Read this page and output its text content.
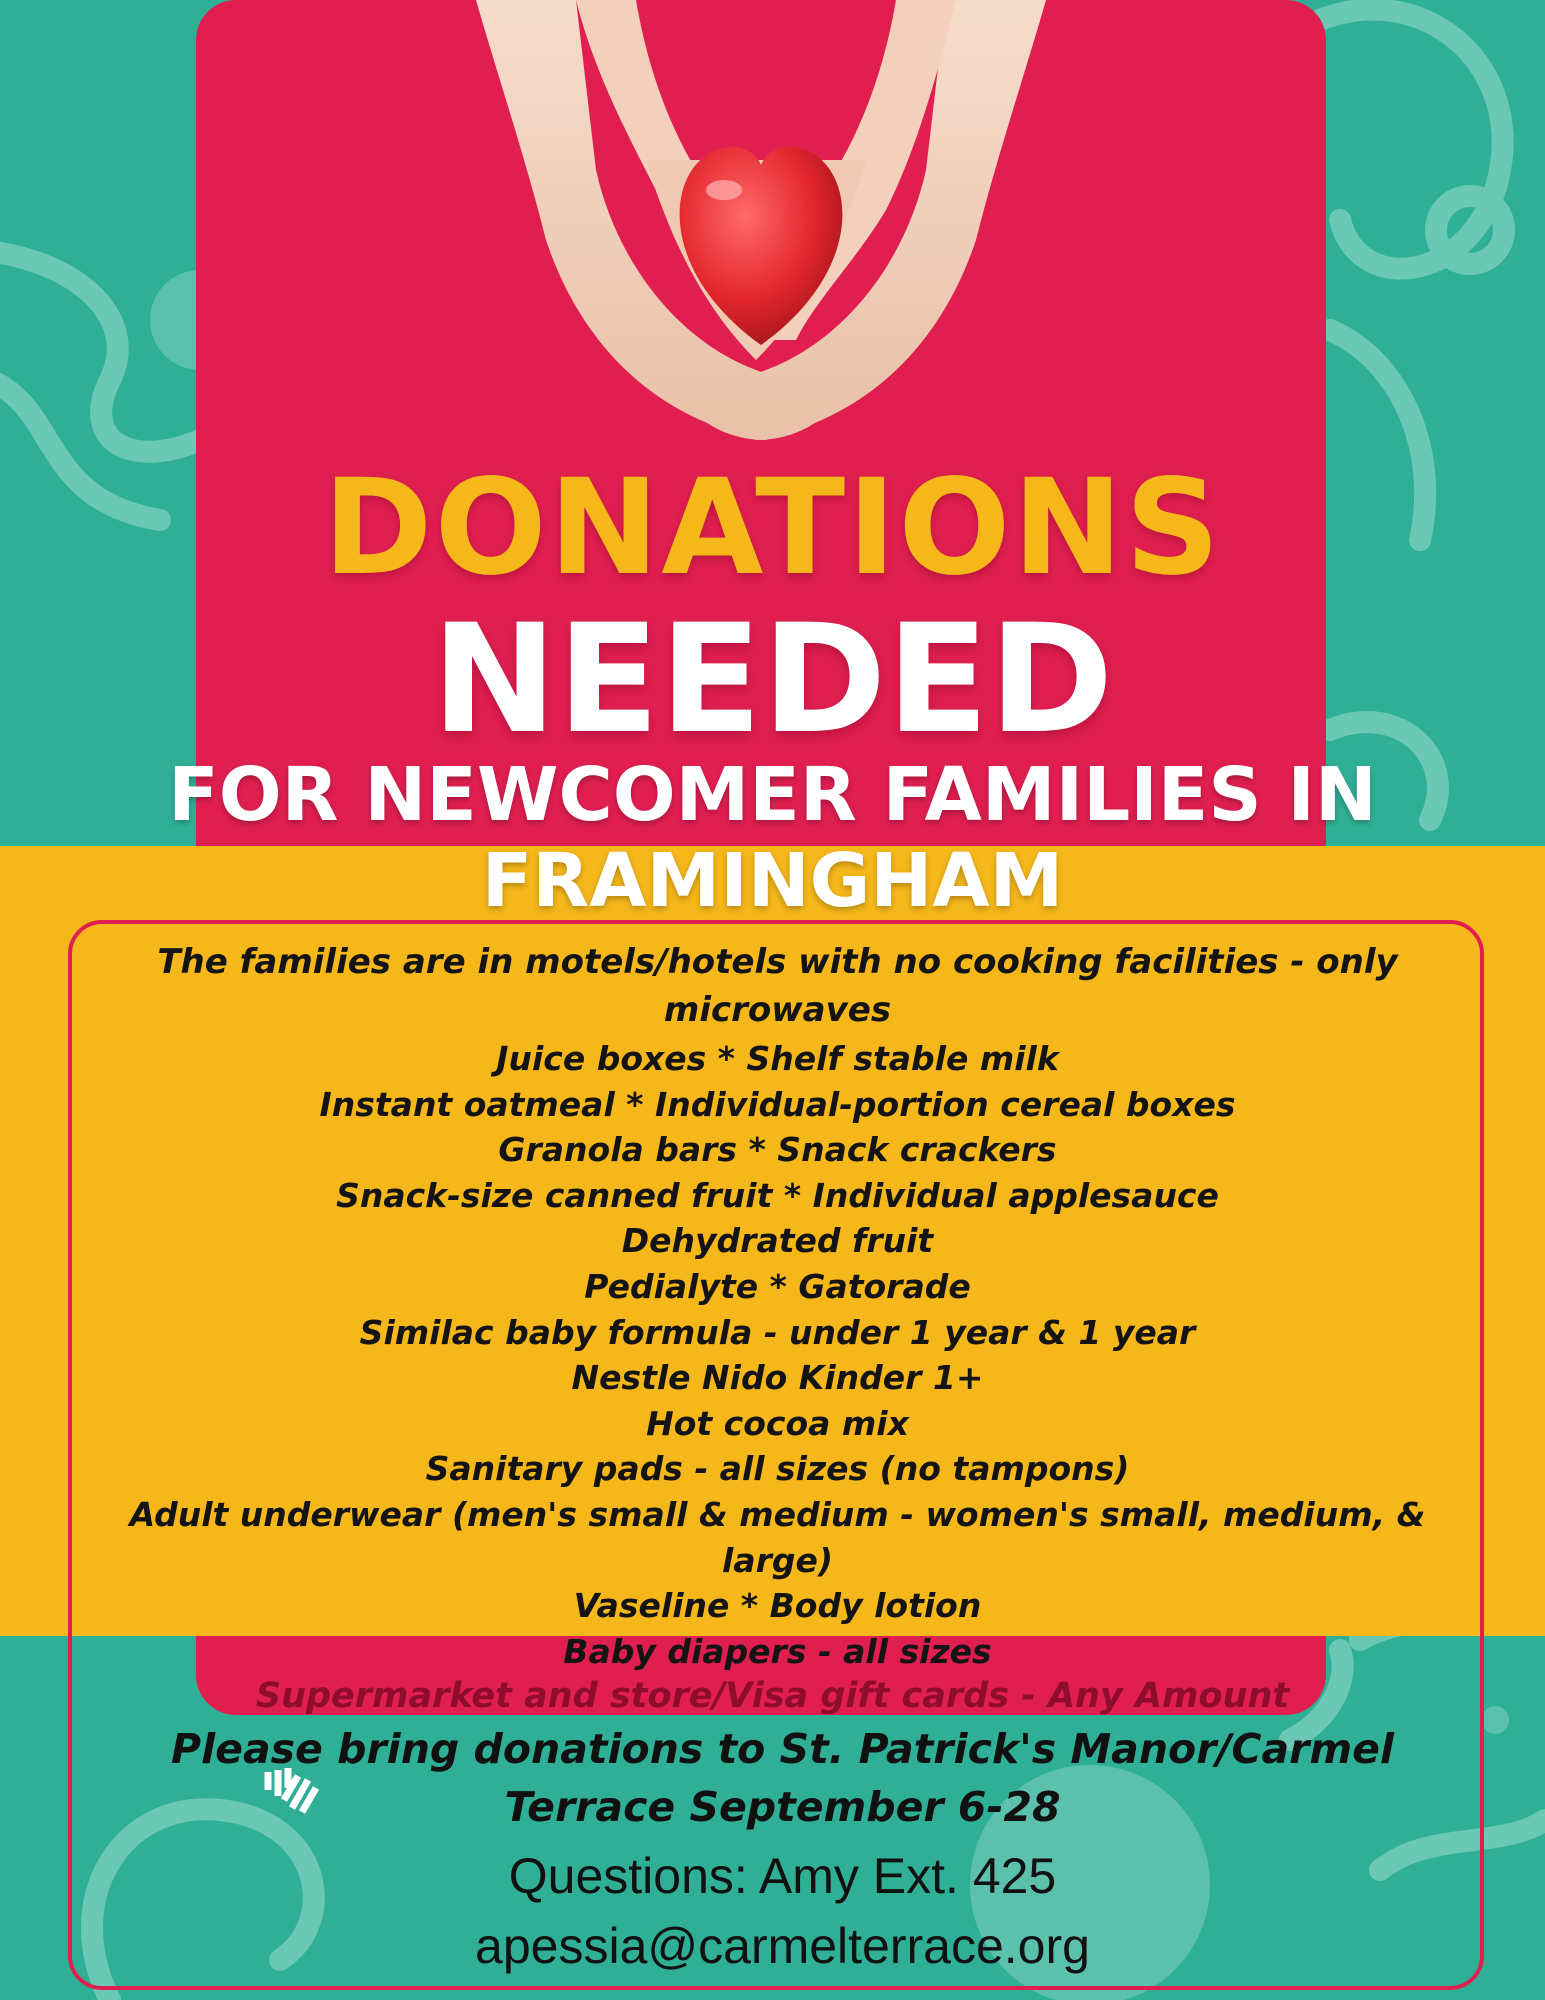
DONATIONS
NEEDED
FOR NEWCOMER FAMILIES IN
FRAMINGHAM
The families are in motels/hotels with no cooking facilities - only microwaves
Juice boxes * Shelf stable milk
Instant oatmeal * Individual-portion cereal boxes
Granola bars * Snack crackers
Snack-size canned fruit * Individual applesauce
Dehydrated fruit
Pedialyte * Gatorade
Similac baby formula - under 1 year & 1 year
Nestle Nido Kinder 1+
Hot cocoa mix
Sanitary pads - all sizes (no tampons)
Adult underwear (men's small & medium - women's small, medium, & large)
Vaseline * Body lotion
Baby diapers - all sizes
Supermarket and store/Visa gift cards - Any Amount
Please bring donations to St. Patrick's Manor/Carmel Terrace September 6-28
Questions: Amy Ext. 425
apessia@carmelterrace.org
